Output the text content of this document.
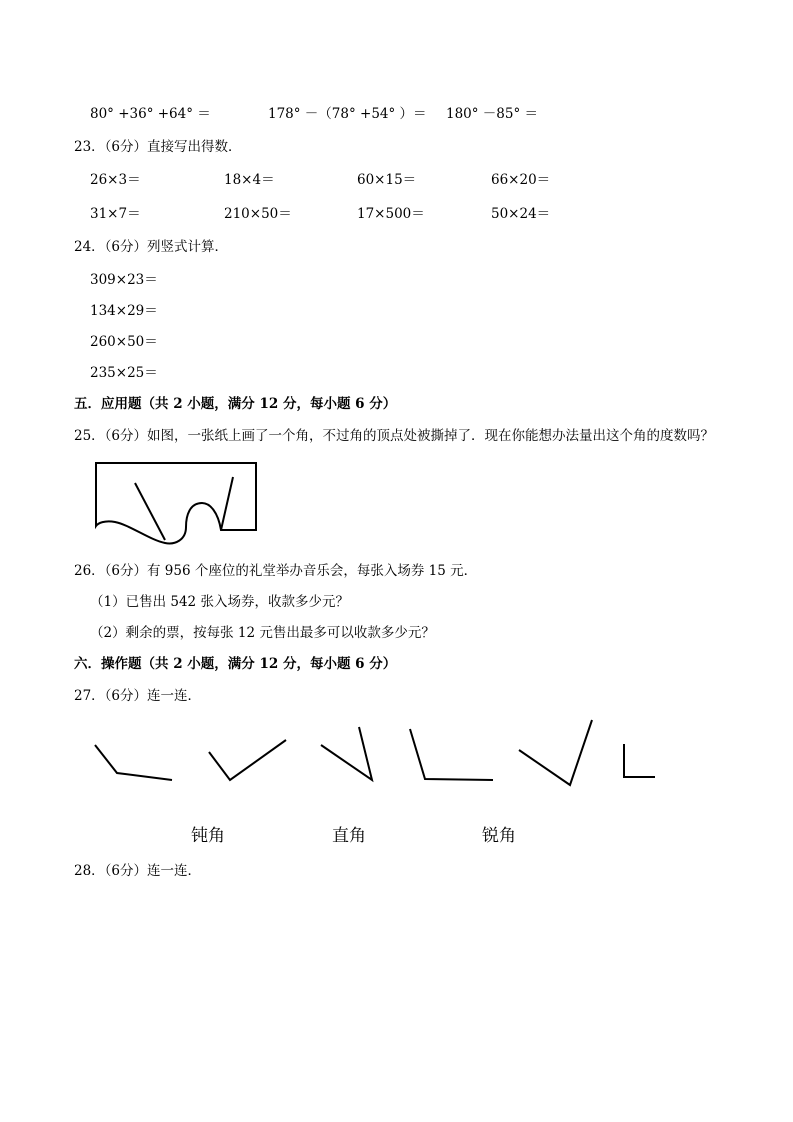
80° +36° +64° ＝	178° －（78° +54° ）＝ 180° －85° ＝
23．（6分）直接写出得数．
26×3＝	18×4＝	60×15＝	66×20＝
31×7＝	210×50＝	17×500＝	50×24＝
24．（6分）列竖式计算．
309×23＝
134×29＝
260×50＝
235×25＝
五．应用题（共 2 小题，满分 12 分，每小题 6 分）
25．（6分）如图，一张纸上画了一个角，不过角的顶点处被撕掉了．现在你能想办法量出这个角的度数吗？
26．（6分）有 956 个座位的礼堂举办音乐会，每张入场券 15 元．
（1）已售出 542 张入场券，收款多少元？
（2）剩余的票，按每张 12 元售出最多可以收款多少元？
六．操作题（共 2 小题，满分 12 分，每小题 6 分）
27．（6分）连一连．
钝角	直角	锐角
28．（6分）连一连．
